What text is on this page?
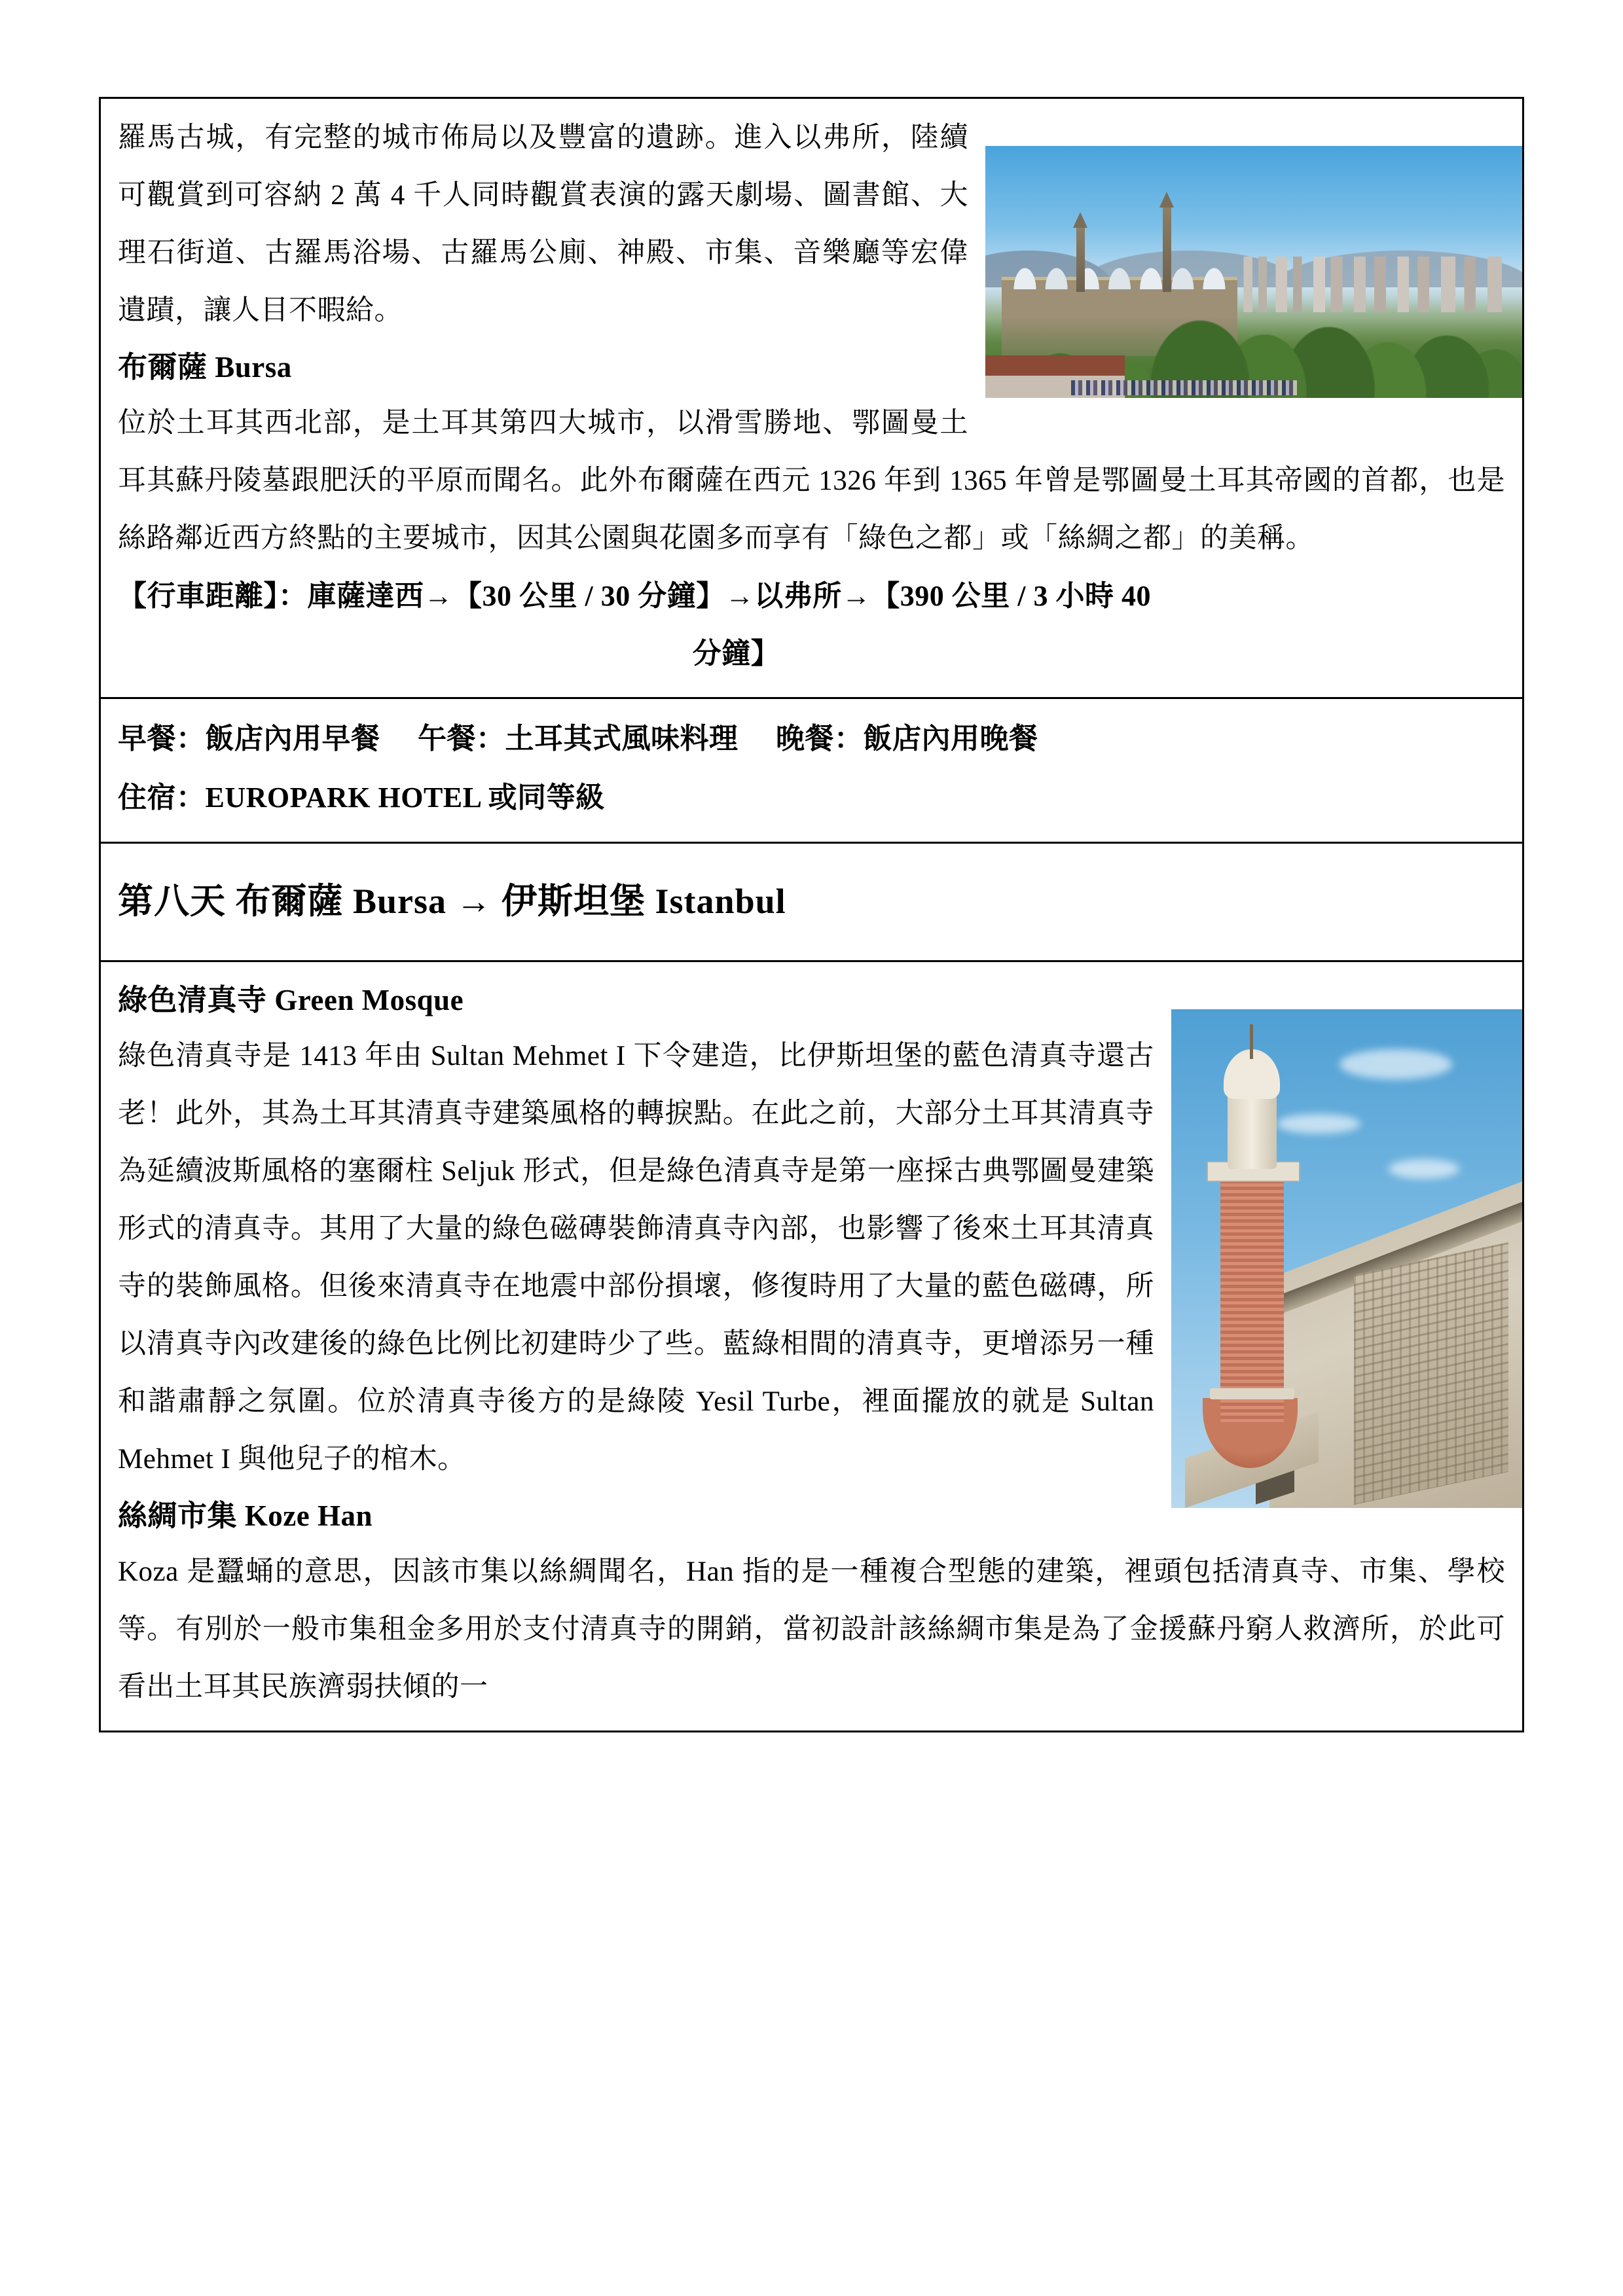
羅馬古城，有完整的城市佈局以及豐富的遺跡。進入以弗所，陸續可觀賞到可容納 2 萬 4 千人同時觀賞表演的露天劇場、圖書館、大理石街道、古羅馬浴場、古羅馬公廁、神殿、市集、音樂廳等宏偉遺蹟，讓人目不暇給。

布爾薩 Bursa

位於土耳其西北部，是土耳其第四大城市，以滑雪勝地、鄂圖曼土耳其蘇丹陵墓跟肥沃的平原而聞名。此外布爾薩在西元 1326 年到 1365 年曾是鄂圖曼土耳其帝國的首都，也是絲路鄰近西方終點的主要城市，因其公園與花園多而享有「綠色之都」或「絲綢之都」的美稱。

【行車距離】：庫薩達西→【30 公里 / 30 分鐘】→以弗所→【390 公里 / 3 小時 40

分鐘】

早餐：飯店內用早餐     午餐：土耳其式風味料理     晚餐：飯店內用晚餐

住宿：EUROPARK HOTEL 或同等級

第八天 布爾薩 Bursa → 伊斯坦堡 Istanbul

綠色清真寺 Green Mosque

綠色清真寺是 1413 年由 Sultan Mehmet I 下令建造，比伊斯坦堡的藍色清真寺還古老！此外，其為土耳其清真寺建築風格的轉捩點。在此之前，大部分土耳其清真寺為延續波斯風格的塞爾柱 Seljuk 形式，但是綠色清真寺是第一座採古典鄂圖曼建築形式的清真寺。其用了大量的綠色磁磚裝飾清真寺內部，也影響了後來土耳其清真寺的裝飾風格。但後來清真寺在地震中部份損壞，修復時用了大量的藍色磁磚，所以清真寺內改建後的綠色比例比初建時少了些。藍綠相間的清真寺，更增添另一種和諧肅靜之氛圍。位於清真寺後方的是綠陵 Yesil Turbe，裡面擺放的就是 Sultan Mehmet I 與他兒子的棺木。

絲綢市集 Koze Han

Koza 是蠶蛹的意思，因該市集以絲綢聞名，Han 指的是一種複合型態的建築，裡頭包括清真寺、市集、學校等。有別於一般市集租金多用於支付清真寺的開銷，當初設計該絲綢市集是為了金援蘇丹窮人救濟所，於此可看出土耳其民族濟弱扶傾的一
